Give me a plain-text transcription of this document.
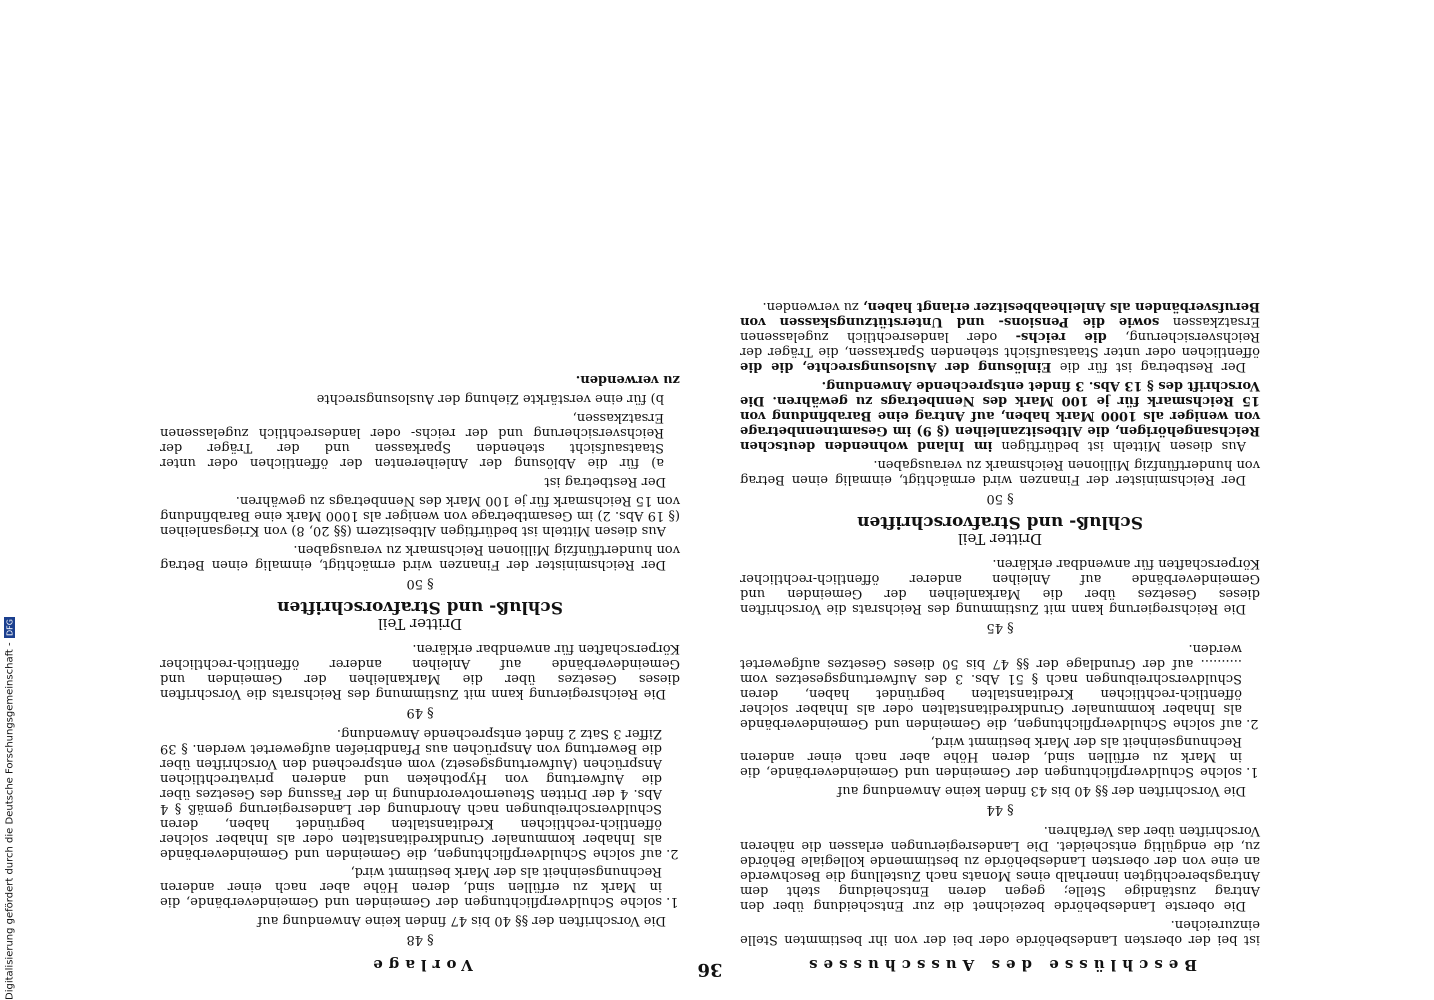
Beschlüsse des Ausschusses

ist bei der obersten Landesbehörde oder bei der von ihr bestimmten Stelle einzureichen.

Die oberste Landesbehörde bezeichnet die zur Entscheidung über den Antrag zuständige Stelle; gegen deren Entscheidung steht dem Antragsberechtigten innerhalb eines Monats nach Zustellung die Beschwerde an eine von der obersten Landesbehörde zu bestimmende kollegiale Behörde zu, die endgültig entscheidet. Die Landesregierungen erlassen die näheren Vorschriften über das Verfahren.

§ 44

Die Vorschriften der §§ 40 bis 43 finden keine Anwendung auf

1. solche Schuldverpflichtungen der Gemeinden und Gemeindeverbände, die in Mark zu erfüllen sind, deren Höhe aber nach einer anderen Rechnungseinheit als der Mark bestimmt wird,
2. auf solche Schuldverpflichtungen, die Gemeinden und Gemeindeverbände als Inhaber kommunaler Grundkreditanstalten oder als Inhaber solcher öffentlich-rechtlichen Kreditanstalten begründet haben, deren Schuldverschreibungen nach § 51 Abs. 3 des Aufwertungsgesetzes vom .......... auf der Grundlage der §§ 47 bis 50 dieses Gesetzes aufgewertet werden.
§ 45

Die Reichsregierung kann mit Zustimmung des Reichsrats die Vorschriften dieses Gesetzes über die Markanleihen der Gemeinden und Gemeindeverbände auf Anleihen anderer öffentlich-rechtlicher Körperschaften für anwendbar erklären.

Dritter Teil
Schluß- und Strafvorschriften
§ 50

Der Reichsminister der Finanzen wird ermächtigt, einmalig einen Betrag von hundertfünfzig Millionen Reichsmark zu verausgaben.

Aus diesen Mitteln ist bedürftigen im Inland wohnenden deutschen Reichsangehörigen, die Altbesitzanleihen (§ 9) im Gesamtnennbetrage von weniger als 1000 Mark haben, auf Antrag eine Barabfindung von 15 Reichsmark für je 100 Mark des Nennbetrags zu gewähren. Die Vorschrift des § 13 Abs. 3 findet entsprechende Anwendung.

Der Restbetrag ist für die Einlösung der Auslosungsrechte, die die öffentlichen oder unter Staatsaufsicht stehenden Sparkassen, die Träger der Reichsversicherung, die reichs- oder landesrechtlich zugelassenen Ersatzkassen sowie die Pensions- und Unterstützungskassen von Berufsverbänden als Anleiheabbesitzer erlangt haben, zu verwenden.

36
Vorlage
§ 48

Die Vorschriften der §§ 40 bis 47 finden keine Anwendung auf

1. solche Schuldverpflichtungen der Gemeinden und Gemeindeverbände, die in Mark zu erfüllen sind, deren Höhe aber nach einer anderen Rechnungseinheit als der Mark bestimmt wird,
2. auf solche Schuldverpflichtungen, die Gemeinden und Gemeindeverbände als Inhaber kommunaler Grundkreditanstalten oder als Inhaber solcher öffentlich-rechtlichen Kreditanstalten begründet haben, deren Schuldverschreibungen nach Anordnung der Landesregierung gemäß § 4 Abs. 4 der Dritten Steuernotverordnung in der Fassung des Gesetzes über die Aufwertung von Hypotheken und anderen privatrechtlichen Ansprüchen (Aufwertungsgesetz) vom entsprechend den Vorschriften über die Bewertung von Ansprüchen aus Pfandbriefen aufgewertet werden. § 39 Ziffer 3 Satz 2 findet entsprechende Anwendung.
§ 49

Die Reichsregierung kann mit Zustimmung des Reichsrats die Vorschriften dieses Gesetzes über die Markanleihen der Gemeinden und Gemeindeverbände auf Anleihen anderer öffentlich-rechtlicher Körperschaften für anwendbar erklären.

Dritter Teil
Schluß- und Strafvorschriften
§ 50

Der Reichsminister der Finanzen wird ermächtigt, einmalig einen Betrag von hundertfünfzig Millionen Reichsmark zu verausgaben.

Aus diesen Mitteln ist bedürftigen Altbesitzern (§§ 20, 8) von Kriegsanleihen (§ 19 Abs. 2) im Gesamtbetrage von weniger als 1000 Mark eine Barabfindung von 15 Reichsmark für je 100 Mark des Nennbetrags zu gewähren.

Der Restbetrag ist

a) für die Ablösung der Anleiherenten der öffentlichen oder unter Staatsaufsicht stehenden Sparkassen und der Träger der Reichsversicherung und der reichs- oder landesrechtlich zugelassenen Ersatzkassen,

b) für eine verstärkte Ziehung der Auslosungsrechte

zu verwenden.

Digitalisierung gefördert durch die Deutsche Forschungsgemeinschaft -
DFG
